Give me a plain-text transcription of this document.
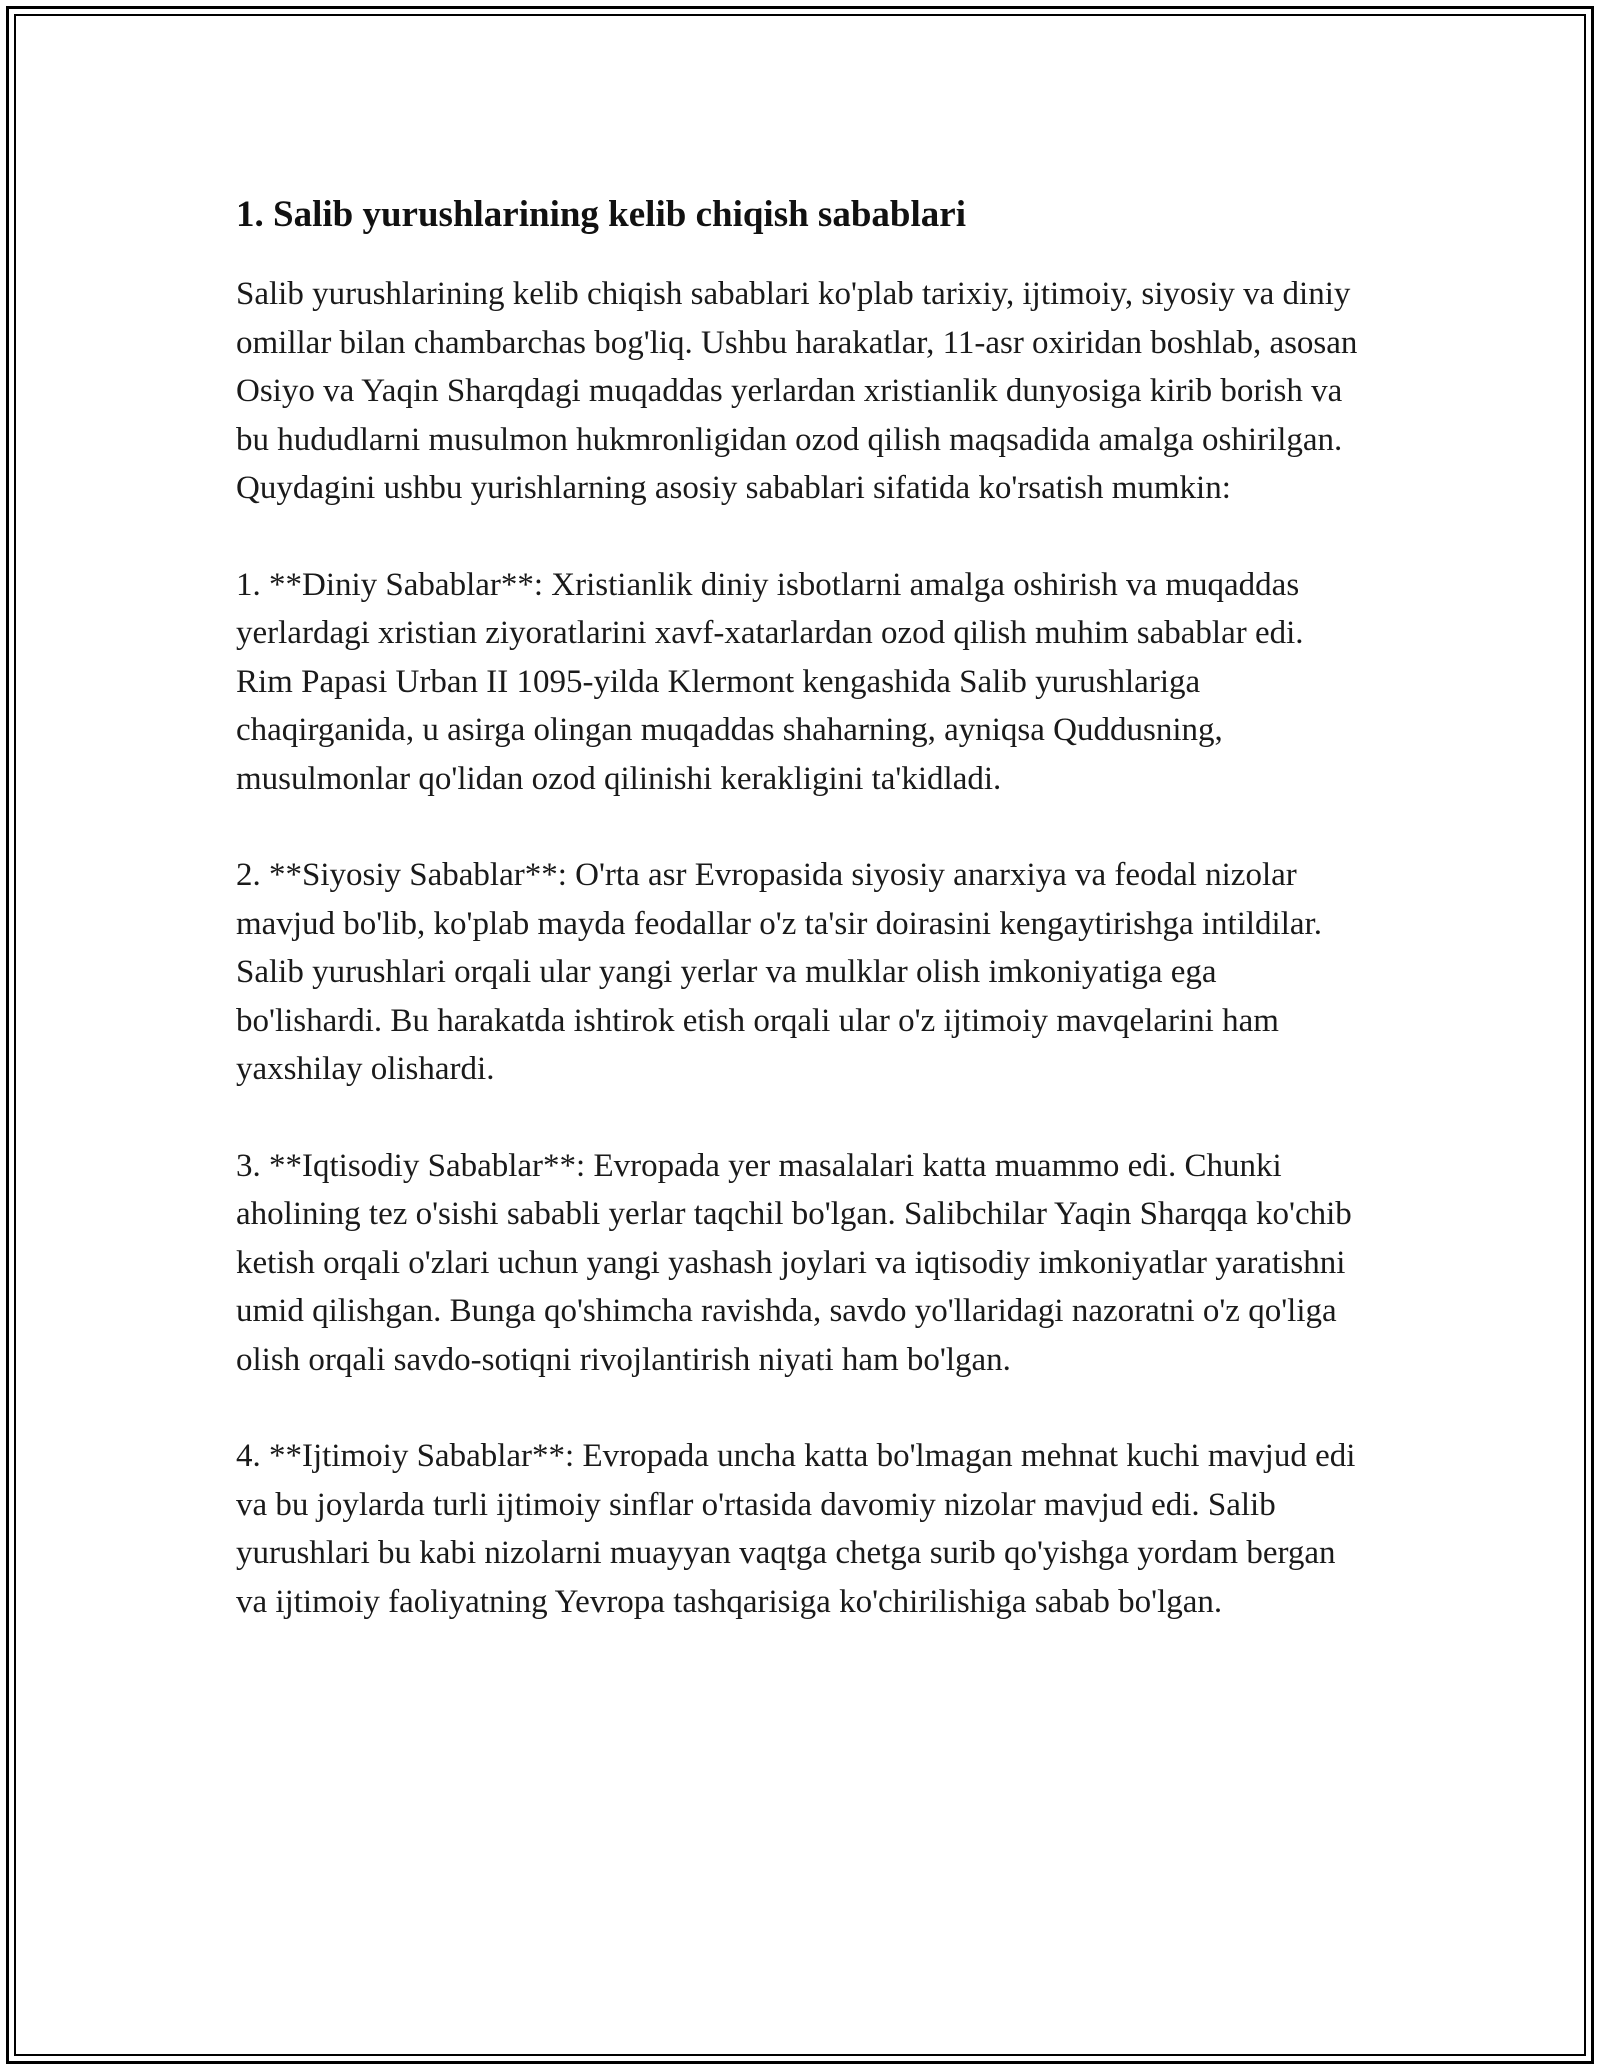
1. Salib yurushlarining kelib chiqish sabablari

Salib yurushlarining kelib chiqish sabablari ko'plab tarixiy, ijtimoiy, siyosiy va diniy omillar bilan chambarchas bog'liq. Ushbu harakatlar, 11-asr oxiridan boshlab, asosan Osiyo va Yaqin Sharqdagi muqaddas yerlardan xristianlik dunyosiga kirib borish va bu hududlarni musulmon hukmronligidan ozod qilish maqsadida amalga oshirilgan. Quydagini ushbu yurishlarning asosiy sabablari sifatida ko'rsatish mumkin:

1. **Diniy Sabablar**: Xristianlik diniy isbotlarni amalga oshirish va muqaddas yerlardagi xristian ziyoratlarini xavf-xatarlardan ozod qilish muhim sabablar edi. Rim Papasi Urban II 1095-yilda Klermont kengashida Salib yurushlariga chaqirganida, u asirga olingan muqaddas shaharning, ayniqsa Quddusning, musulmonlar qo'lidan ozod qilinishi kerakligini ta'kidladi.

2. **Siyosiy Sabablar**: O'rta asr Evropasida siyosiy anarxiya va feodal nizolar mavjud bo'lib, ko'plab mayda feodallar o'z ta'sir doirasini kengaytirishga intildilar. Salib yurushlari orqali ular yangi yerlar va mulklar olish imkoniyatiga ega bo'lishardi. Bu harakatda ishtirok etish orqali ular o'z ijtimoiy mavqelarini ham yaxshilay olishardi.

3. **Iqtisodiy Sabablar**: Evropada yer masalalari katta muammo edi. Chunki aholining tez o'sishi sababli yerlar taqchil bo'lgan. Salibchilar Yaqin Sharqqa ko'chib ketish orqali o'zlari uchun yangi yashash joylari va iqtisodiy imkoniyatlar yaratishni umid qilishgan. Bunga qo'shimcha ravishda, savdo yo'llaridagi nazoratni o'z qo'liga olish orqali savdo-sotiqni rivojlantirish niyati ham bo'lgan.

4. **Ijtimoiy Sabablar**: Evropada uncha katta bo'lmagan mehnat kuchi mavjud edi va bu joylarda turli ijtimoiy sinflar o'rtasida davomiy nizolar mavjud edi. Salib yurushlari bu kabi nizolarni muayyan vaqtga chetga surib qo'yishga yordam bergan va ijtimoiy faoliyatning Yevropa tashqarisiga ko'chirilishiga sabab bo'lgan.
